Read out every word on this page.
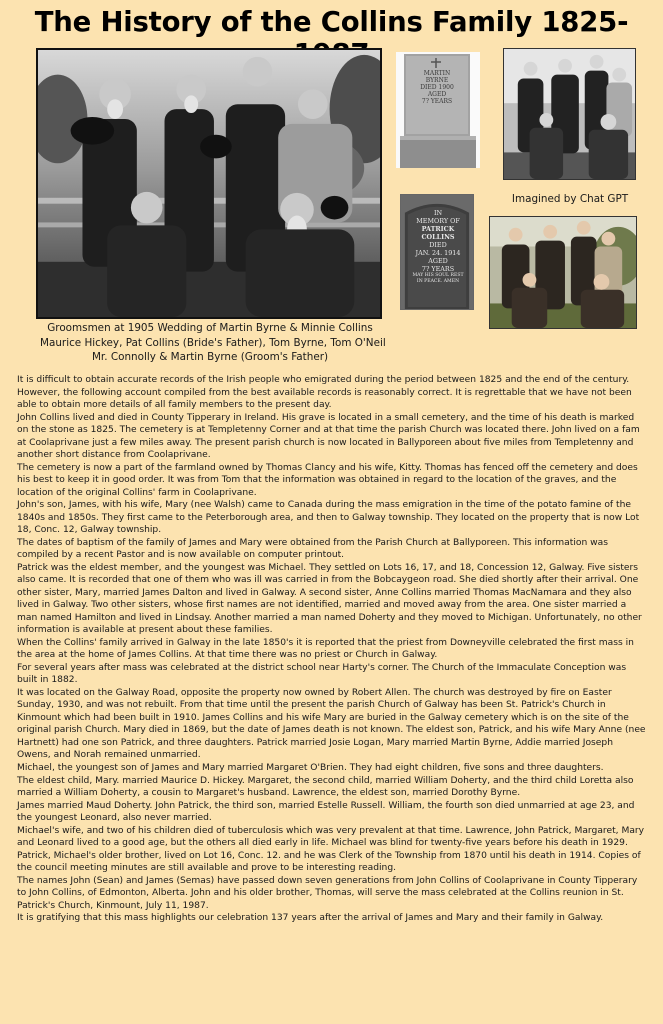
The History of the Collins Family 1825-
MARTIN
BYRNE
DIED 1900
AGED
7? YEARS
IN
MEMORY OF
PATRICK
COLLINS
DIED
JAN. 24. 1914
AGED
7? YEARS
MAY HIS SOUL REST
IN PEACE. AMEN
Imagined by Chat GPT
Groomsmen at 1905 Wedding of Martin Byrne & Minnie Collins
Maurice Hickey, Pat Collins (Bride's Father), Tom Byrne, Tom O'Neil
Mr. Connolly & Martin Byrne (Groom's Father)

It is difficult to obtain accurate records of the Irish people who emigrated during the period between 1825 and the end of the century. However, the following account compiled from the best available records is reasonably correct. It is regrettable that we have not been able to obtain more details of all family members to the present day.

John Collins lived and died in County Tipperary in Ireland. His grave is located in a small cemetery, and the time of his death is marked on the stone as 1825. The cemetery is at Templetenny Corner and at that time the parish Church was located there. John lived on a fam at Coolaprivane just a few miles away. The present parish church is now located in Ballyporeen about five miles from Templetenny and another short distance from Coolaprivane.

The cemetery is now a part of the farmland owned by Thomas Clancy and his wife, Kitty. Thomas has fenced off the cemetery and does his best to keep it in good order. It was from Tom that the information was obtained in regard to the location of the graves, and the location of the original Collins' farm in Coolaprivane.

John's son, James, with his wife, Mary (nee Walsh) came to Canada during the mass emigration in the time of the potato famine of the 1840s and 1850s. They first came to the Peterborough area, and then to Galway township. They located on the property that is now Lot 18, Conc. 12, Galway township.

The dates of baptism of the family of James and Mary were obtained from the Parish Church at Ballyporeen. This information was compiled by a recent Pastor and is now available on computer printout.

Patrick was the eldest member, and the youngest was Michael. They settled on Lots 16, 17, and 18, Concession 12, Galway. Five sisters also came. It is recorded that one of them who was ill was carried in from the Bobcaygeon road. She died shortly after their arrival. One other sister, Mary, married James Dalton and lived in Galway. A second sister, Anne Collins married Thomas MacNamara and they also lived in Galway. Two other sisters, whose first names are not identified, married and moved away from the area. One sister married a man named Hamilton and lived in Lindsay. Another married a man named Doherty and they moved to Michigan. Unfortunately, no other information is available at present about these families.

When the Collins' family arrived in Galway in the late 1850's it is reported that the priest from Downeyville celebrated the first mass in the area at the home of James Collins. At that time there was no priest or Church in Galway.

For several years after mass was celebrated at the district school near Harty's corner. The Church of the Immaculate Conception was built in 1882.

It was located on the Galway Road, opposite the property now owned by Robert Allen. The church was destroyed by fire on Easter Sunday, 1930, and was not rebuilt. From that time until the present the parish Church of Galway has been St. Patrick's Church in Kinmount which had been built in 1910. James Collins and his wife Mary are buried in the Galway cemetery which is on the site of the original parish Church. Mary died in 1869, but the date of James death is not known. The eldest son, Patrick, and his wife Mary Anne (nee Hartnett) had one son Patrick, and three daughters. Patrick married Josie Logan, Mary married Martin Byrne, Addie married Joseph Owens, and Norah remained unmarried.

Michael, the youngest son of James and Mary married Margaret O'Brien. They had eight children, five sons and three daughters.

The eldest child, Mary. married Maurice D. Hickey. Margaret, the second child, married William Doherty, and the third child Loretta also married a William Doherty, a cousin to Margaret's husband. Lawrence, the eldest son, married Dorothy Byrne.

James married Maud Doherty. John Patrick, the third son, married Estelle Russell. William, the fourth son died unmarried at age 23, and the youngest Leonard, also never married.

Michael's wife, and two of his children died of tuberculosis which was very prevalent at that time. Lawrence, John Patrick, Margaret, Mary and Leonard lived to a good age, but the others all died early in life. Michael was blind for twenty-five years before his death in 1929.

Patrick, Michael's older brother, lived on Lot 16, Conc. 12. and he was Clerk of the Township from 1870 until his death in 1914. Copies of the council meeting minutes are still available and prove to be interesting reading.

The names John (Sean) and James (Semas) have passed down seven generations from John Collins of Coolaprivane in County Tipperary to John Collins, of Edmonton, Alberta. John and his older brother, Thomas, will serve the mass celebrated at the Collins reunion in St. Patrick's Church, Kinmount, July 11, 1987.

It is gratifying that this mass highlights our celebration 137 years after the arrival of James and Mary and their family in Galway.
